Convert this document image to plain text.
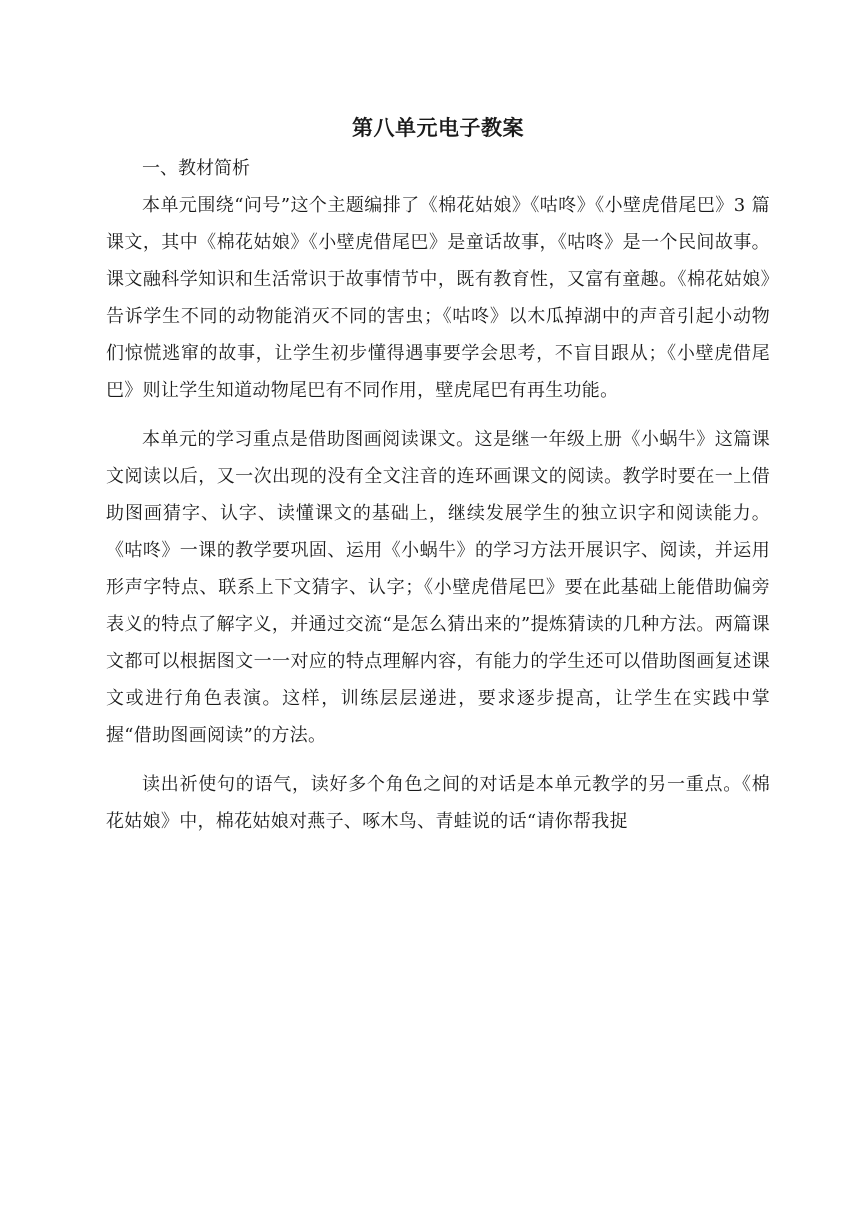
第八单元电子教案

一、教材简析

本单元围绕“问号”这个主题编排了《棉花姑娘》《咕咚》《小壁虎借尾巴》3 篇课文，其中《棉花姑娘》《小壁虎借尾巴》是童话故事，《咕咚》是一个民间故事。课文融科学知识和生活常识于故事情节中，既有教育性，又富有童趣。《棉花姑娘》告诉学生不同的动物能消灭不同的害虫；《咕咚》以木瓜掉湖中的声音引起小动物们惊慌逃窜的故事，让学生初步懂得遇事要学会思考，不盲目跟从；《小壁虎借尾巴》则让学生知道动物尾巴有不同作用，壁虎尾巴有再生功能。

本单元的学习重点是借助图画阅读课文。这是继一年级上册《小蜗牛》这篇课文阅读以后，又一次出现的没有全文注音的连环画课文的阅读。教学时要在一上借助图画猜字、认字、读懂课文的基础上，继续发展学生的独立识字和阅读能力。《咕咚》一课的教学要巩固、运用《小蜗牛》的学习方法开展识字、阅读，并运用形声字特点、联系上下文猜字、认字；《小壁虎借尾巴》要在此基础上能借助偏旁表义的特点了解字义，并通过交流“是怎么猜出来的”提炼猜读的几种方法。两篇课文都可以根据图文一一对应的特点理解内容，有能力的学生还可以借助图画复述课文或进行角色表演。这样，训练层层递进，要求逐步提高，让学生在实践中掌握“借助图画阅读”的方法。

读出祈使句的语气，读好多个角色之间的对话是本单元教学的另一重点。《棉花姑娘》中，棉花姑娘对燕子、啄木鸟、青蛙说的话“请你帮我捉
